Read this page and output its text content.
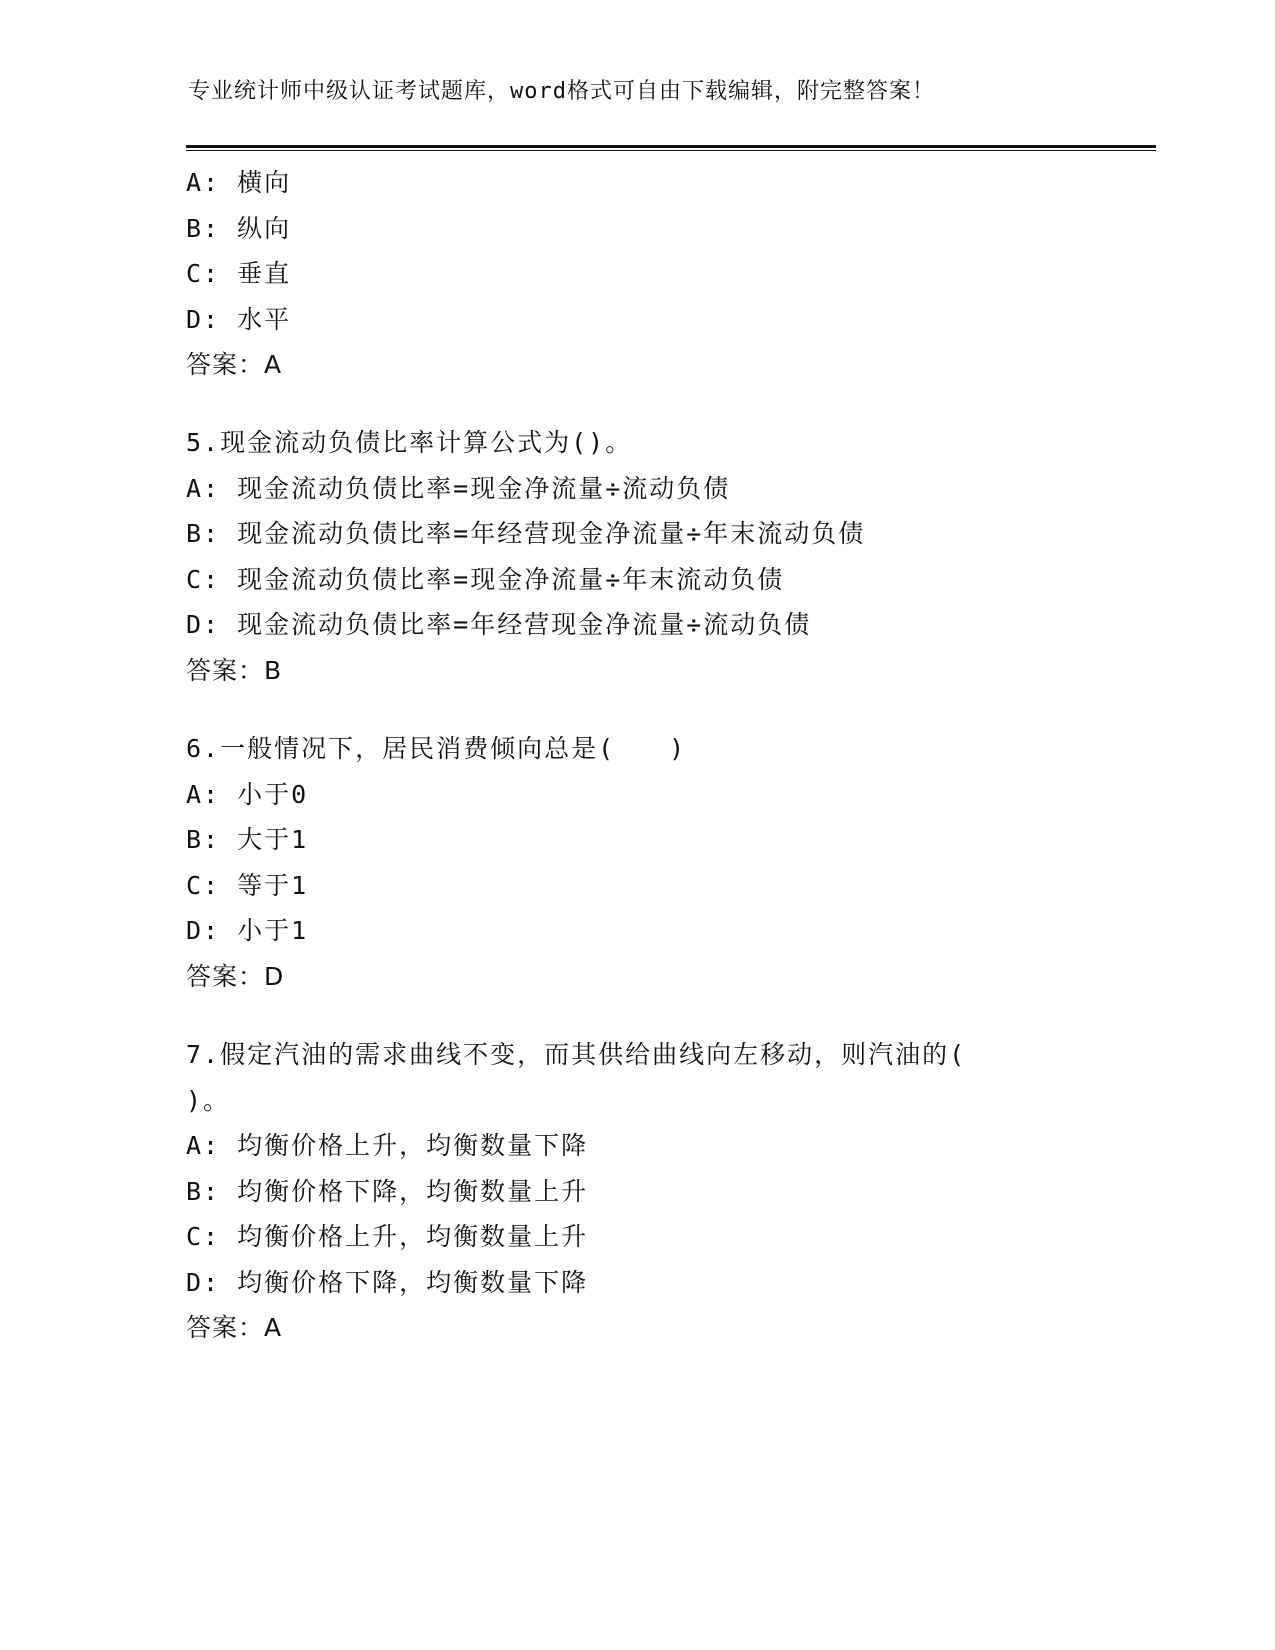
专业统计师中级认证考试题库，word格式可自由下载编辑，附完整答案！
A: 横向
B: 纵向
C: 垂直
D: 水平
答案：A
5.现金流动负债比率计算公式为()。
A: 现金流动负债比率=现金净流量÷流动负债
B: 现金流动负债比率=年经营现金净流量÷年末流动负债
C: 现金流动负债比率=现金净流量÷年末流动负债
D: 现金流动负债比率=年经营现金净流量÷流动负债
答案：B
6.一般情况下，居民消费倾向总是(　　)
A: 小于0
B: 大于1
C: 等于1
D: 小于1
答案：D
7.假定汽油的需求曲线不变，而其供给曲线向左移动，则汽油的(
)。
A: 均衡价格上升，均衡数量下降
B: 均衡价格下降，均衡数量上升
C: 均衡价格上升，均衡数量上升
D: 均衡价格下降，均衡数量下降
答案：A
